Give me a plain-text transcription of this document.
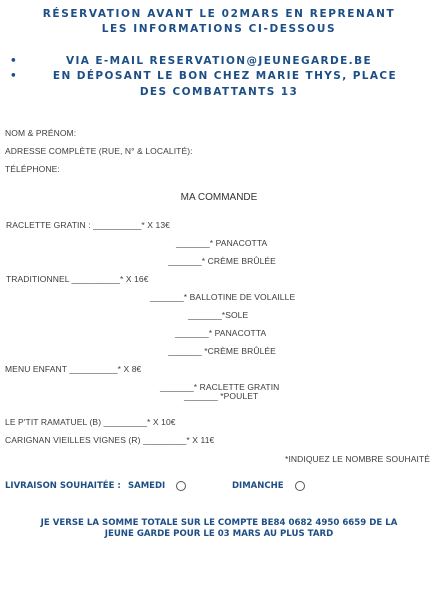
RÉSERVATION AVANT LE 02MARS EN REPRENANT
LES INFORMATIONS CI-DESSOUS
•	VIA E-MAIL RESERVATION@JEUNEGARDE.BE
•	EN DÉPOSANT LE BON CHEZ MARIE THYS, PLACE
DES COMBATTANTS 13
NOM & PRÉNOM:
ADRESSE COMPLÈTE (RUE, N° & LOCALITÉ):
TÉLÉPHONE:
MA COMMANDE
RACLETTE GRATIN : __________* X 13€
_______* PANACOTTA
_______* CRÈME BRÛLÉE
TRADITIONNEL __________* X 16€
_______* BALLOTINE DE VOLAILLE
_______*SOLE
_______* PANACOTTA
_______ *CRÈME BRÛLÉE
MENU ENFANT __________* X 8€
_______* RACLETTE GRATIN
_______ *POULET
LE P'TIT RAMATUEL (B) _________* X 10€
CARIGNAN VIEILLES VIGNES (R) _________* X 11€
*INDIQUEZ LE NOMBRE SOUHAITÉ
LIVRAISON SOUHAITÉE : SAMEDI	DIMANCHE
JE VERSE LA SOMME TOTALE SUR LE COMPTE BE84 0682 4950 6659 DE LA
JEUNE GARDE POUR LE 03 MARS AU PLUS TARD
